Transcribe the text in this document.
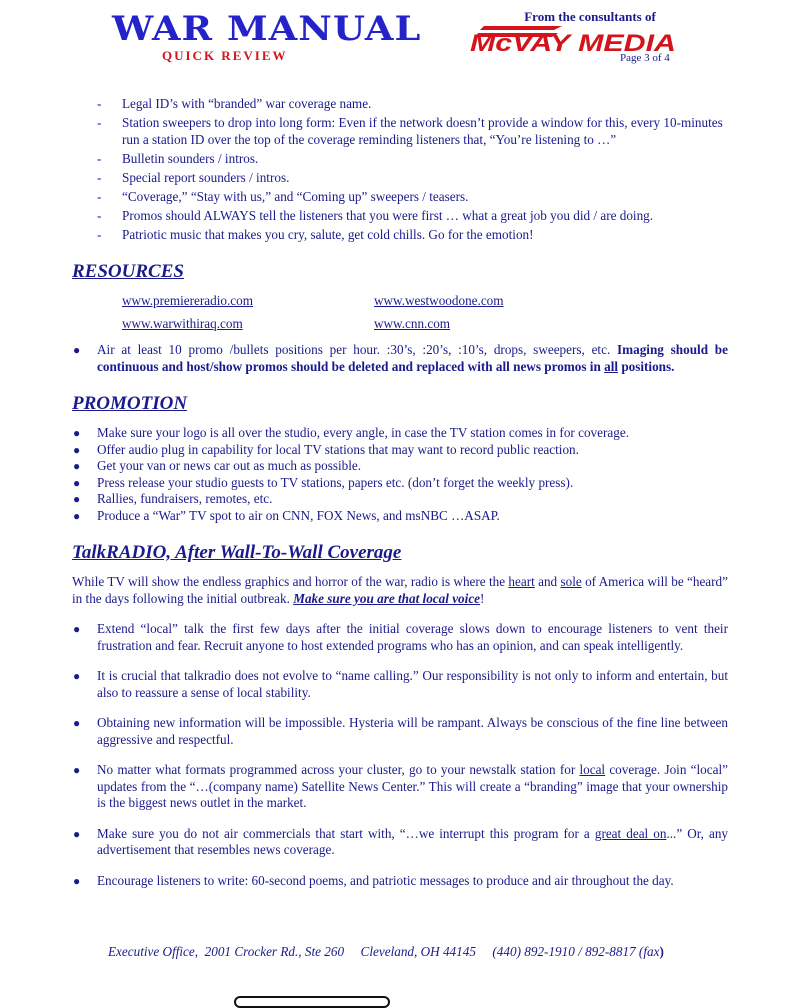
WAR MANUAL
QUICK REVIEW
From the consultants of
McVAY MEDIA
Page 3 of 4
- Legal ID’s with “branded” war coverage name.
- Station sweepers to drop into long form: Even if the network doesn’t provide a window for this, every 10-minutes run a station ID over the top of the coverage reminding listeners that, “You’re listening to …”
- Bulletin sounders / intros.
- Special report sounders / intros.
- “Coverage,” “Stay with us,” and “Coming up” sweepers / teasers.
- Promos should ALWAYS tell the listeners that you were first … what a great job you did / are doing.
- Patriotic music that makes you cry, salute, get cold chills. Go for the emotion!
RESOURCES
www.premiereradio.com	www.westwoodone.com
www.warwithiraq.com	www.cnn.com
● Air at least 10 promo /bullets positions per hour. :30’s, :20’s, :10’s, drops, sweepers, etc. Imaging should be continuous and host/show promos should be deleted and replaced with all news promos in all positions.
PROMOTION
● Make sure your logo is all over the studio, every angle, in case the TV station comes in for coverage.
● Offer audio plug in capability for local TV stations that may want to record public reaction.
● Get your van or news car out as much as possible.
● Press release your studio guests to TV stations, papers etc. (don’t forget the weekly press).
● Rallies, fundraisers, remotes, etc.
● Produce a “War” TV spot to air on CNN, FOX News, and msNBC …ASAP.
TalkRADIO, After Wall-To-Wall Coverage

While TV will show the endless graphics and horror of the war, radio is where the heart and sole of America will be “heard” in the days following the initial outbreak. Make sure you are that local voice!

● Extend “local” talk the first few days after the initial coverage slows down to encourage listeners to vent their frustration and fear. Recruit anyone to host extended programs who has an opinion, and can speak intelligently.
● It is crucial that talkradio does not evolve to “name calling.” Our responsibility is not only to inform and entertain, but also to reassure a sense of local stability.
● Obtaining new information will be impossible. Hysteria will be rampant. Always be conscious of the fine line between aggressive and respectful.
● No matter what formats programmed across your cluster, go to your newstalk station for local coverage. Join “local” updates from the “…(company name) Satellite News Center.” This will create a “branding” image that your ownership is the biggest news outlet in the market.
● Make sure you do not air commercials that start with, “…we interrupt this program for a great deal on...” Or, any advertisement that resembles news coverage.
● Encourage listeners to write: 60-second poems, and patriotic messages to produce and air throughout the day.
Executive Office,  2001 Crocker Rd., Ste 260     Cleveland, OH 44145     (440) 892-1910 / 892-8817 (fax)
